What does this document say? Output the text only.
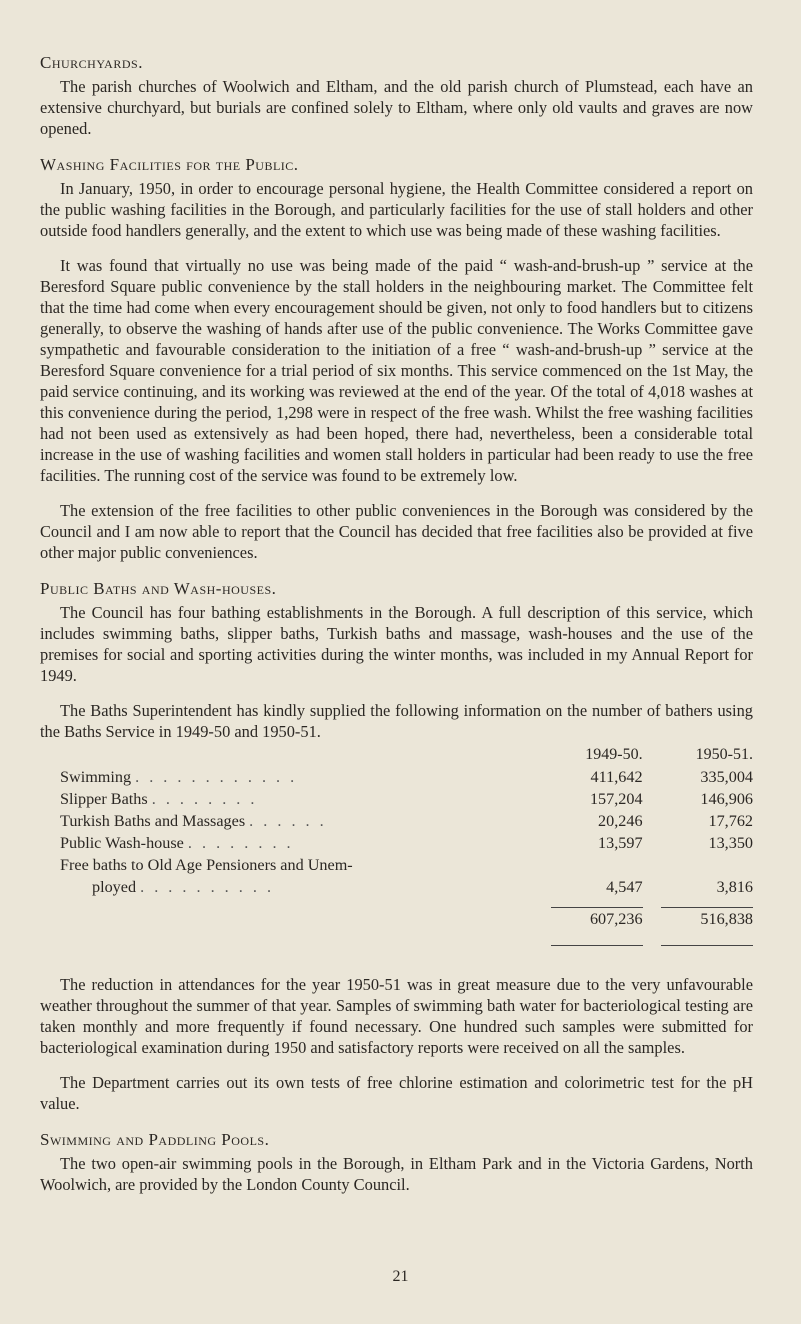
Churchyards.

The parish churches of Woolwich and Eltham, and the old parish church of Plumstead, each have an extensive churchyard, but burials are confined solely to Eltham, where only old vaults and graves are now opened.

Washing Facilities for the Public.

In January, 1950, in order to encourage personal hygiene, the Health Committee considered a report on the public washing facilities in the Borough, and particularly facilities for the use of stall holders and other outside food handlers generally, and the extent to which use was being made of these washing facilities.

It was found that virtually no use was being made of the paid “ wash-and-brush-up ” service at the Beresford Square public convenience by the stall holders in the neighbouring market. The Committee felt that the time had come when every encouragement should be given, not only to food handlers but to citizens generally, to observe the washing of hands after use of the public convenience. The Works Committee gave sympathetic and favourable consideration to the initiation of a free “ wash-and-brush-up ” service at the Beresford Square convenience for a trial period of six months. This service commenced on the 1st May, the paid service continuing, and its working was reviewed at the end of the year. Of the total of 4,018 washes at this convenience during the period, 1,298 were in respect of the free wash. Whilst the free washing facilities had not been used as extensively as had been hoped, there had, nevertheless, been a considerable total increase in the use of washing facilities and women stall holders in particular had been ready to use the free facilities. The running cost of the service was found to be extremely low.

The extension of the free facilities to other public conveniences in the Borough was considered by the Council and I am now able to report that the Council has decided that free facilities also be provided at five other major public conveniences.

Public Baths and Wash-houses.

The Council has four bathing establishments in the Borough. A full description of this service, which includes swimming baths, slipper baths, Turkish baths and massage, wash-houses and the use of the premises for social and sporting activities during the winter months, was included in my Annual Report for 1949.

The Baths Superintendent has kindly supplied the following information on the number of bathers using the Baths Service in 1949-50 and 1950-51.

	1949-50.	1950-51.
Swimming . . . . . . . . . . . .	411,642	335,004
Slipper Baths . . . . . . . .	157,204	146,906
Turkish Baths and Massages . . . . . .	20,246	17,762
Public Wash-house . . . . . . . .	13,597	13,350
Free baths to Old Age Pensioners and Unem-		
ployed . . . . . . . . . .	4,547	3,816

	607,236	516,838

The reduction in attendances for the year 1950-51 was in great measure due to the very unfavourable weather throughout the summer of that year. Samples of swimming bath water for bacteriological testing are taken monthly and more frequently if found necessary. One hundred such samples were submitted for bacteriological examination during 1950 and satisfactory reports were received on all the samples.

The Department carries out its own tests of free chlorine estimation and colorimetric test for the pH value.

Swimming and Paddling Pools.

The two open-air swimming pools in the Borough, in Eltham Park and in the Victoria Gardens, North Woolwich, are provided by the London County Council.

21
